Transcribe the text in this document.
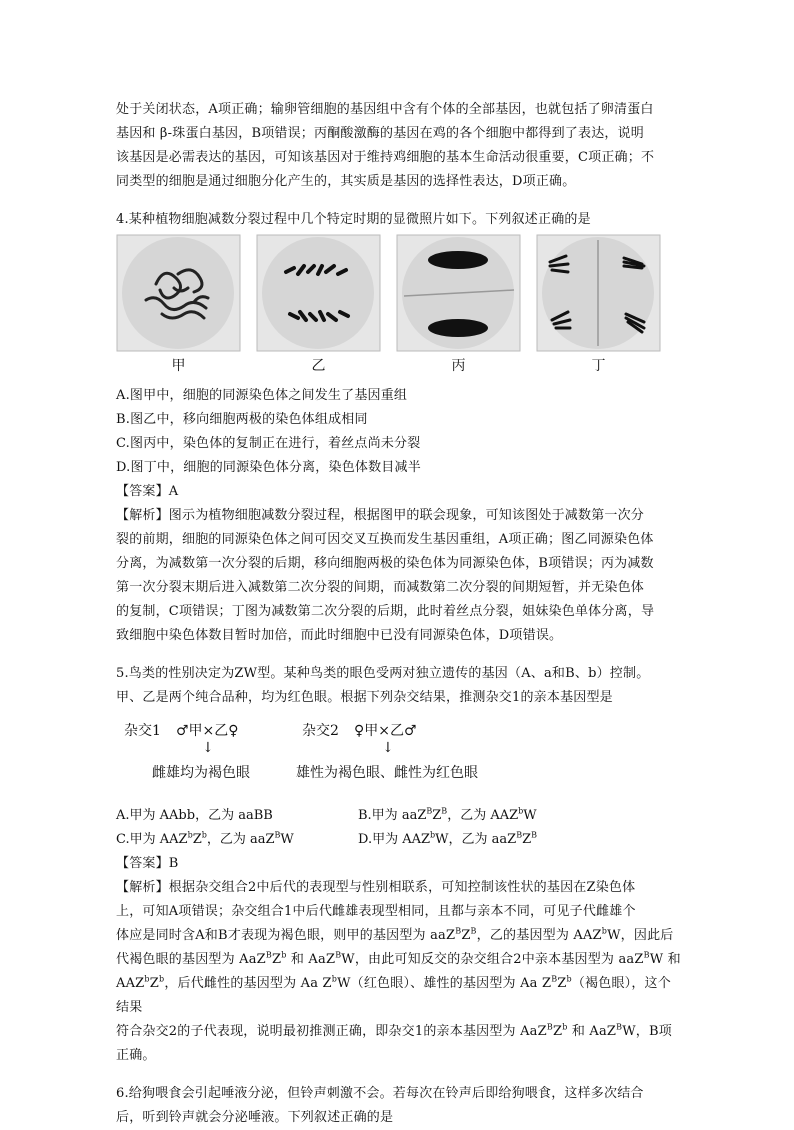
处于关闭状态，A项正确；输卵管细胞的基因组中含有个体的全部基因，也就包括了卵清蛋白

基因和 β-珠蛋白基因，B项错误；丙酮酸激酶的基因在鸡的各个细胞中都得到了表达，说明

该基因是必需表达的基因，可知该基因对于维持鸡细胞的基本生命活动很重要，C项正确；不

同类型的细胞是通过细胞分化产生的，其实质是基因的选择性表达，D项正确。

4.某种植物细胞减数分裂过程中几个特定时期的显微照片如下。下列叙述正确的是

甲	乙	丙	丁

A.图甲中，细胞的同源染色体之间发生了基因重组

B.图乙中，移向细胞两极的染色体组成相同

C.图丙中，染色体的复制正在进行，着丝点尚未分裂

D.图丁中，细胞的同源染色体分离，染色体数目减半

【答案】A

【解析】图示为植物细胞减数分裂过程，根据图甲的联会现象，可知该图处于减数第一次分

裂的前期，细胞的同源染色体之间可因交叉互换而发生基因重组，A项正确；图乙同源染色体

分离，为减数第一次分裂的后期，移向细胞两极的染色体为同源染色体，B项错误；丙为减数

第一次分裂末期后进入减数第二次分裂的间期，而减数第二次分裂的间期短暂，并无染色体

的复制，C项错误；丁图为减数第二次分裂的后期，此时着丝点分裂，姐妹染色单体分离，导

致细胞中染色体数目暂时加倍，而此时细胞中已没有同源染色体，D项错误。

5.鸟类的性别决定为ZW型。某种鸟类的眼色受两对独立遗传的基因（A、a和B、b）控制。

甲、乙是两个纯合品种，均为红色眼。根据下列杂交结果，推测杂交1的亲本基因型是

杂交1 ♂甲×乙♀
↓
雌雄均为褐色眼
杂交2 ♀甲×乙♂
↓
雄性为褐色眼、雌性为红色眼
A.甲为 AAbb，乙为 aaBB	B.甲为 $aaZ^BZ^B$，乙为 AAZ$^b$W
C.甲为 $AAZ^bZ^b$，乙为 aaZ$^B$W	D.甲为 AAZ$^b$W，乙为 $aaZ^BZ^B$

【答案】B

【解析】根据杂交组合2中后代的表现型与性别相联系，可知控制该性状的基因在Z染色体

上，可知A项错误；杂交组合1中后代雌雄表现型相同，且都与亲本不同，可见子代雌雄个

体应是同时含A和B才表现为褐色眼，则甲的基因型为 $aaZ^BZ^B$，乙的基因型为 AAZ$^b$W，因此后

代褐色眼的基因型为 $AaZ^BZ^b$ 和 AaZ$^B$W，由此可知反交的杂交组合2中亲本基因型为 aaZ$^B$W 和

$AAZ^bZ^b$，后代雌性的基因型为 Aa $Z^bW$（红色眼）、雄性的基因型为 Aa $Z^BZ^b$（褐色眼），这个结果

符合杂交2的子代表现，说明最初推测正确，即杂交1的亲本基因型为 $AaZ^BZ^b$ 和 AaZ$^B$W，B项

正确。

6.给狗喂食会引起唾液分泌，但铃声刺激不会。若每次在铃声后即给狗喂食，这样多次结合

后，听到铃声就会分泌唾液。下列叙述正确的是
